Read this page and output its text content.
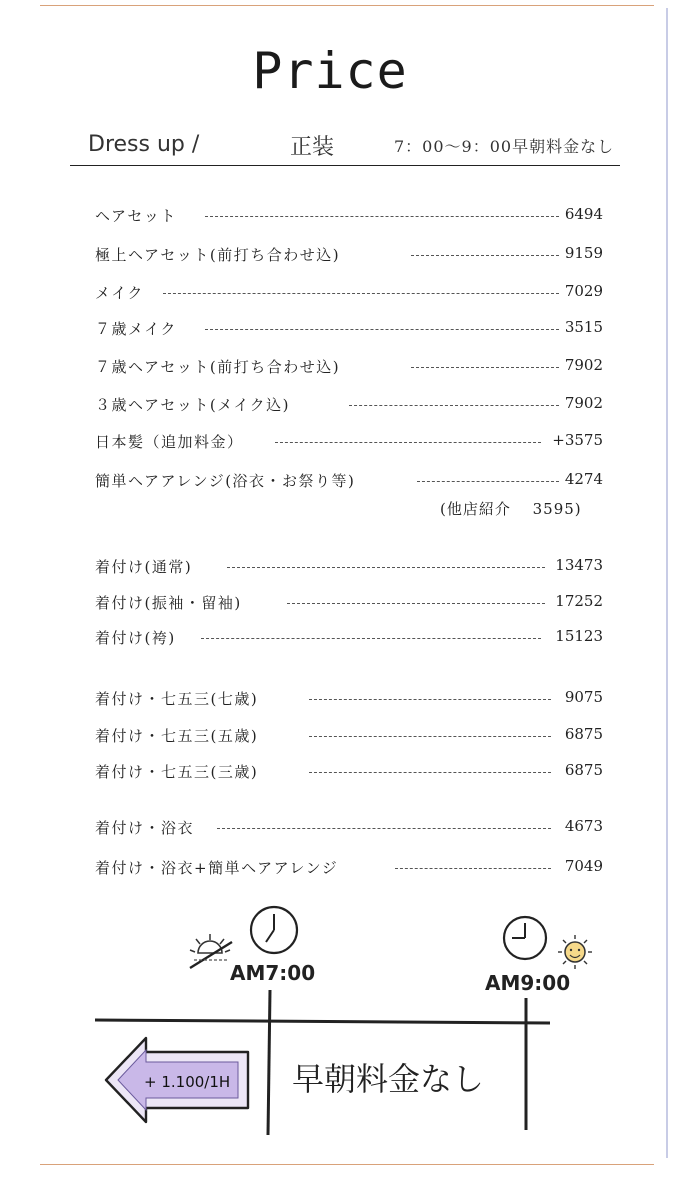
Price
Dress up /	正装	7：00～9：00早朝料金なし
ヘアセット	6494
極上ヘアセット(前打ち合わせ込)	9159
メイク	7029
７歳メイク	3515
７歳ヘアセット(前打ち合わせ込)	7902
３歳ヘアセット(メイク込)	7902
日本髪（追加料金）	+3575
簡単ヘアアレンジ(浴衣・お祭り等)	4274
(他店紹介　 3595)
着付け(通常)	13473
着付け(振袖・留袖)	17252
着付け(袴)	15123
着付け・七五三(七歳)	9075
着付け・七五三(五歳)	6875
着付け・七五三(三歳)	6875
着付け・浴衣	4673
着付け・浴衣+簡単ヘアアレンジ	7049
AM7:00	AM9:00
+ 1.100/1H 早朝料金なし
